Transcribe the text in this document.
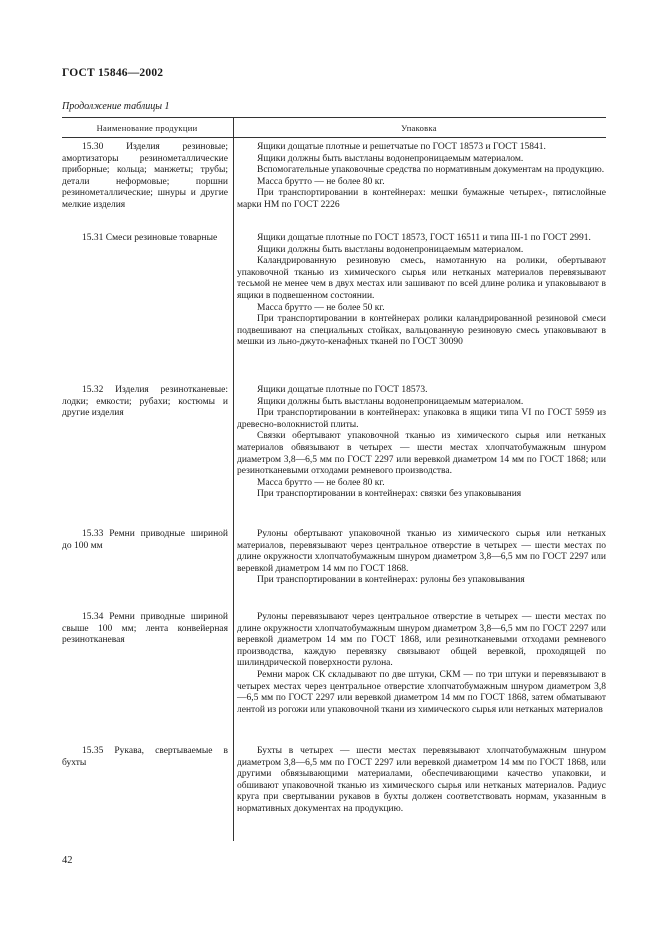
ГОСТ 15846—2002
Продолжение таблицы 1
Наименование продукции	Упаковка

15.30 Изделия резиновые; амортизаторы резинометаллические приборные; кольца; манжеты; трубы; детали неформовые; поршни резинометаллические; шнуры и другие мелкие изделия

Ящики дощатые плотные и решетчатые по ГОСТ 18573 и ГОСТ 15841.

Ящики должны быть выстланы водонепроницаемым материалом.

Вспомогательные упаковочные средства по нормативным документам на продукцию.

Масса брутто — не более 80 кг.

При транспортировании в контейнерах: мешки бумажные четырех-, пятислойные марки НМ по ГОСТ 2226

15.31 Смеси резиновые товарные	Ящики дощатые плотные по ГОСТ 18573, ГОСТ 16511 и типа III-1 по ГОСТ 2991.

Ящики должны быть выстланы водонепроницаемым материалом.

Каландрированную резиновую смесь, намотанную на ролики, обертывают упаковочной тканью из химического сырья или нетканых материалов перевязывают тесьмой не менее чем в двух местах или зашивают по всей длине ролика и упаковывают в ящики в подвешенном состоянии.

Масса брутто — не более 50 кг.

При транспортировании в контейнерах ролики каландрированной резиновой смеси подвешивают на специальных стойках, вальцованную резиновую смесь упаковывают в мешки из льно-джуто-кенафных тканей по ГОСТ 30090

15.32 Изделия резинотканевые: лодки; емкости; рубахи; костюмы и другие изделия

Ящики дощатые плотные по ГОСТ 18573.

Ящики должны быть выстланы водонепроницаемым материалом.

При транспортировании в контейнерах: упаковка в ящики типа VI по ГОСТ 5959 из древесно-волокнистой плиты.

Связки обертывают упаковочной тканью из химического сырья или нетканых материалов обвязывают в четырех — шести местах хлопчатобумажным шнуром диаметром 3,8—6,5 мм по ГОСТ 2297 или веревкой диаметром 14 мм по ГОСТ 1868; или резинотканевыми отходами ремневого производства.

Масса брутто — не более 80 кг.

При транспортировании в контейнерах: связки без упаковывания

15.33 Ремни приводные шириной до 100 мм

Рулоны обертывают упаковочной тканью из химического сырья или нетканых материалов, перевязывают через центральное отверстие в четырех — шести местах по длине окружности хлопчатобумажным шнуром диаметром 3,8—6,5 мм по ГОСТ 2297 или веревкой диаметром 14 мм по ГОСТ 1868.

При транспортировании в контейнерах: рулоны без упаковывания

15.34 Ремни приводные шириной свыше 100 мм; лента конвейерная резинотканевая

Рулоны перевязывают через центральное отверстие в четырех — шести местах по длине окружности хлопчатобумажным шнуром диаметром 3,8—6,5 мм по ГОСТ 2297 или веревкой диаметром 14 мм по ГОСТ 1868, или резинотканевыми отходами ремневого производства, каждую перевязку связывают общей веревкой, проходящей по шилиндрической поверхности рулона.

Ремни марок СК складывают по две штуки, СКМ — по три штуки и перевязывают в четырех местах через центральное отверстие хлопчатобумажным шнуром диаметром 3,8—6,5 мм по ГОСТ 2297 или веревкой диаметром 14 мм по ГОСТ 1868, затем обматывают лентой из рогожи или упаковочной ткани из химического сырья или нетканых материалов

15.35 Рукава, свертываемые в бухты

Бухты в четырех — шести местах перевязывают хлопчатобумажным шнуром диаметром 3,8—6,5 мм по ГОСТ 2297 или веревкой диаметром 14 мм по ГОСТ 1868, или другими обвязывающими материалами, обеспечивающими качество упаковки, и обшивают упаковочной тканью из химического сырья или нетканых материалов. Радиус круга при свертывании рукавов в бухты должен соответствовать нормам, указанным в нормативных документах на продукцию.

42
